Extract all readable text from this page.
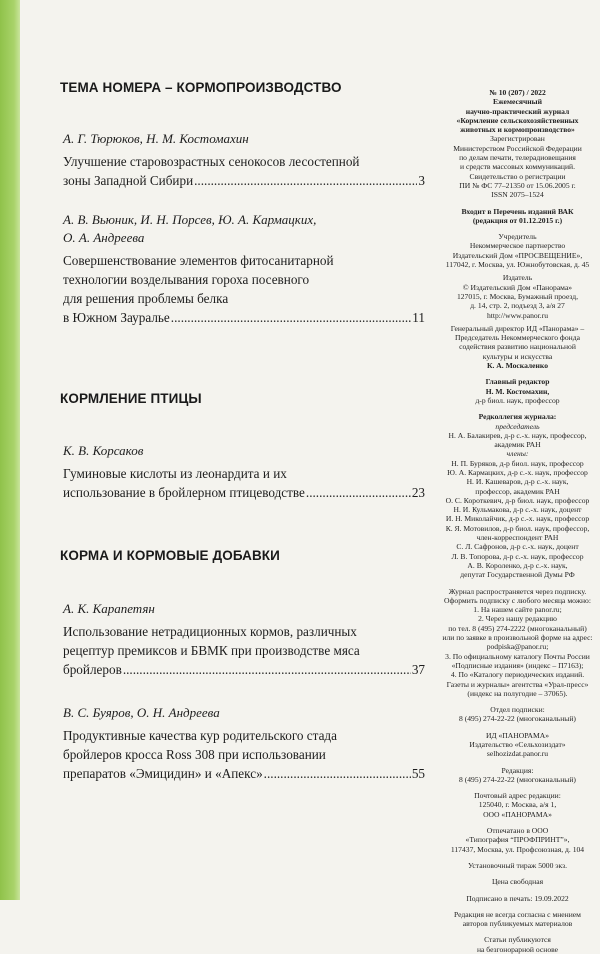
ТЕМА НОМЕРА – КОРМОПРОИЗВОДСТВО

А. Г. Тюрюков, Н. М. Костомахин

Улучшение старовозрастных сенокосов лесостепной

зоны Западной Сибири .....	3

А. В. Вьюник, И. Н. Порсев, Ю. А. Кармацких,

О. А. Андреева

Совершенствование элементов фитосанитарной

технологии возделывания гороха посевного

для решения проблемы белка

в Южном Зауралье .....	11
КОРМЛЕНИЕ ПТИЦЫ

К. В. Корсаков

Гуминовые кислоты из леонардита и их

использование в бройлерном птицеводстве .....	23
КОРМА И КОРМОВЫЕ ДОБАВКИ

А. К. Карапетян

Использование нетрадиционных кормов, различных

рецептур премиксов и БВМК при производстве мяса

бройлеров .....	37

В. С. Буяров, О. Н. Андреева

Продуктивные качества кур родительского стада

бройлеров кросса Ross 308 при использовании

препаратов «Эмицидин» и «Апекс» .....	55

№ 10 (207) / 2022

Ежемесячный

научно-практический журнал

«Кормление сельскохозяйственных

животных и кормопроизводство»

Зарегистрирован

Министерством Российской Федерации

по делам печати, телерадиовещания

и средств массовых коммуникаций.

Свидетельство о регистрации

ПИ № ФС 77–21350 от 15.06.2005 г.

ISSN 2075–1524

Входит в Перечень изданий ВАК

(редакция от 01.12.2015 г.)

Учредитель

Некоммерческое партнерство

Издательский Дом «ПРОСВЕЩЕНИЕ»,

117042, г. Москва, ул. Южнобутовская, д. 45

Издатель

© Издательский Дом «Панорама»

127015, г. Москва, Бумажный проезд,

д. 14, стр. 2, подъезд 3, а/я 27

http://www.panor.ru

Генеральный директор ИД «Панорама» –

Председатель Некоммерческого фонда

содействия развитию национальной

культуры и искусства

К. А. Москаленко

Главный редактор

Н. М. Костомахин,

д-р биол. наук, профессор

Редколлегия журнала:

председатель

Н. А. Балакирев, д-р с.-х. наук, профессор,

академик РАН

члены:

Н. П. Буряков, д-р биол. наук, профессор

Ю. А. Кармацких, д-р с.-х. наук, профессор

Н. И. Кашеваров, д-р с.-х. наук,

профессор, академик РАН

О. С. Короткевич, д-р биол. наук, профессор

Н. И. Кульмакова, д-р с.-х. наук, доцент

И. Н. Миколайчик, д-р с.-х. наук, профессор

К. Я. Мотовилов, д-р биол. наук, профессор,

член-корреспондент РАН

С. Л. Сафронов, д-р с.-х. наук, доцент

Л. В. Топорова, д-р с.-х. наук, профессор

А. В. Короленко, д-р с.-х. наук,

депутат Государственной Думы РФ

Журнал распространяется через подписку.

Оформить подписку с любого месяца можно:

1. На нашем сайте panor.ru;

2. Через нашу редакцию

по тел. 8 (495) 274-2222 (многоканальный)

или по заявке в произвольной форме на адрес:

podpiska@panor.ru;

3. По официальному каталогу Почты России

«Подписные издания» (индекс – П7163);

4. По «Каталогу периодических изданий.

Газеты и журналы» агентства «Урал-пресс»

(индекс на полугодие – 37065).

Отдел подписки:

8 (495) 274-22-22 (многоканальный)

ИД «ПАНОРАМА»

Издательство «Сельхозиздат»

selhozizdat.panor.ru

Редакция:

8 (495) 274-22-22 (многоканальный)

Почтовый адрес редакции:

125040, г. Москва, а/я 1,

ООО «ПАНОРАМА»

Отпечатано в ООО

«Типография “ПРОФПРИНТ”»,

117437, Москва, ул. Профсоюзная, д. 104

Установочный тираж 5000 экз.

Цена свободная

Подписано в печать: 19.09.2022

Редакция не всегда согласна с мнением

авторов публикуемых материалов

Статьи публикуются

на безгонорарной основе
